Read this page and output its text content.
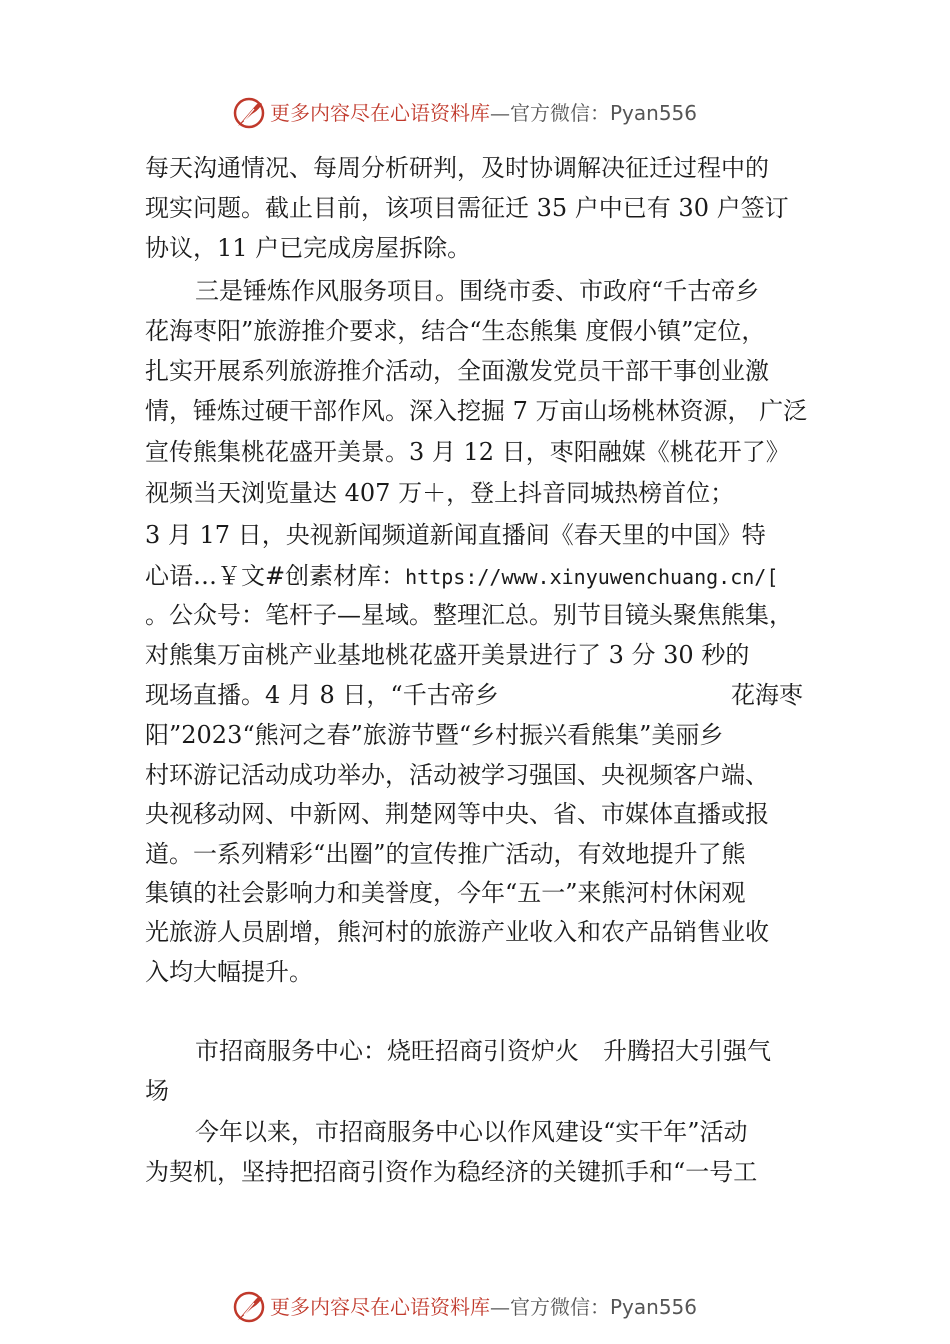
更多内容尽在心语资料库—官方微信：Pyan556
每天沟通情况、每周分析研判，及时协调解决征迁过程中的
现实问题。截止目前，该项目需征迁 35 户中已有 30 户签订
协议，11 户已完成房屋拆除。
三是锤炼作风服务项目。围绕市委、市政府“千古帝乡
花海枣阳”旅游推介要求，结合“生态熊集 度假小镇”定位，
扎实开展系列旅游推介活动，全面激发党员干部干事创业激
情，锤炼过硬干部作风。深入挖掘 7 万亩山场桃林资源， 广泛
宣传熊集桃花盛开美景。3 月 12 日，枣阳融媒《桃花开了》
视频当天浏览量达 407 万＋，登上抖音同城热榜首位；
3 月 17 日，央视新闻频道新闻直播间《春天里的中国》特
心语…￥文#创素材库：https://www.xinyuwenchuang.cn/[
。公众号：笔杆子—星域。整理汇总。别节目镜头聚焦熊集，
对熊集万亩桃产业基地桃花盛开美景进行了 3 分 30 秒的
现场直播。4 月 8 日，“千古帝乡	花海枣
阳”2023“熊河之春”旅游节暨“乡村振兴看熊集”美丽乡
村环游记活动成功举办，活动被学习强国、央视频客户端、
央视移动网、中新网、荆楚网等中央、省、市媒体直播或报
道。一系列精彩“出圈”的宣传推广活动，有效地提升了熊
集镇的社会影响力和美誉度，今年“五一”来熊河村休闲观
光旅游人员剧增，熊河村的旅游产业收入和农产品销售业收
入均大幅提升。
市招商服务中心：烧旺招商引资炉火　升腾招大引强气
场
今年以来，市招商服务中心以作风建设“实干年”活动
为契机，坚持把招商引资作为稳经济的关键抓手和“一号工
更多内容尽在心语资料库—官方微信：Pyan556
